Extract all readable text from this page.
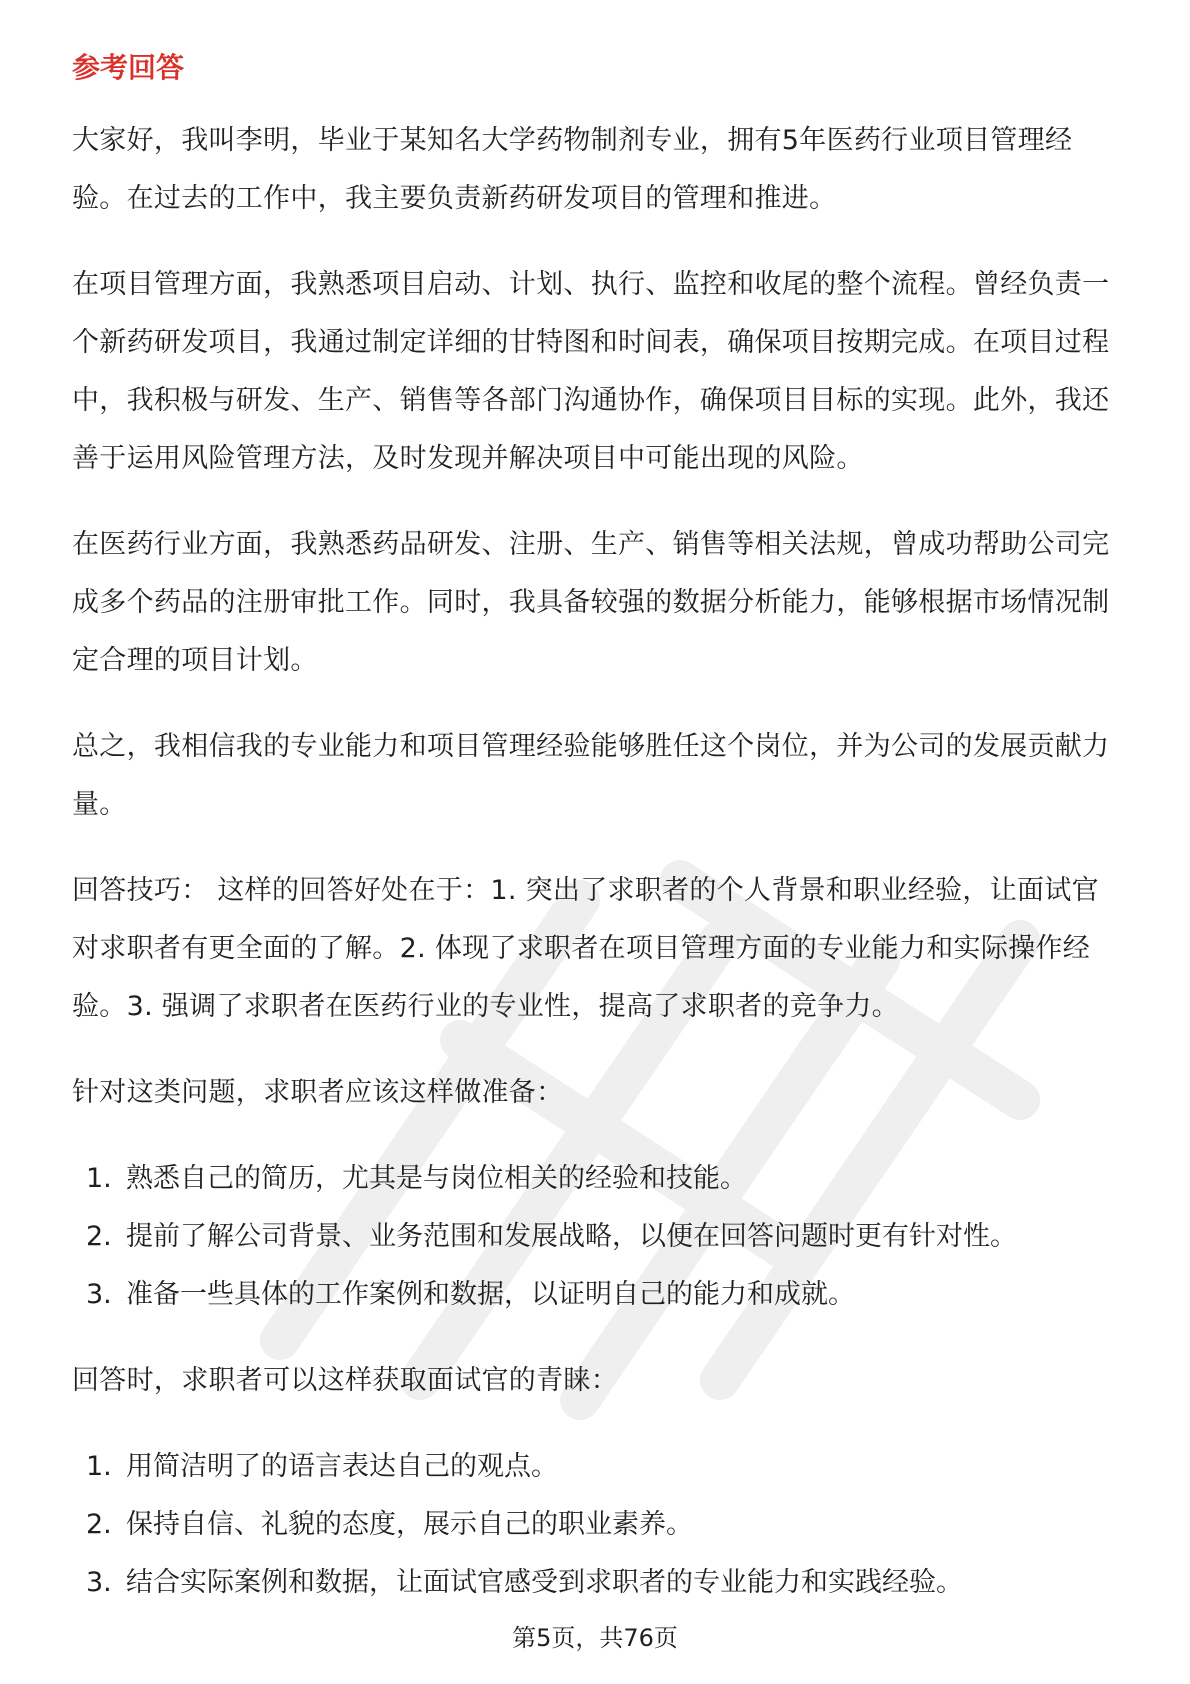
参考回答

大家好，我叫李明，毕业于某知名大学药物制剂专业，拥有5年医药行业项目管理经验。在过去的工作中，我主要负责新药研发项目的管理和推进。

在项目管理方面，我熟悉项目启动、计划、执行、监控和收尾的整个流程。曾经负责一个新药研发项目，我通过制定详细的甘特图和时间表，确保项目按期完成。在项目过程中，我积极与研发、生产、销售等各部门沟通协作，确保项目目标的实现。此外，我还善于运用风险管理方法，及时发现并解决项目中可能出现的风险。

在医药行业方面，我熟悉药品研发、注册、生产、销售等相关法规，曾成功帮助公司完成多个药品的注册审批工作。同时，我具备较强的数据分析能力，能够根据市场情况制定合理的项目计划。

总之，我相信我的专业能力和项目管理经验能够胜任这个岗位，并为公司的发展贡献力量。

回答技巧： 这样的回答好处在于：1. 突出了求职者的个人背景和职业经验，让面试官对求职者有更全面的了解。2. 体现了求职者在项目管理方面的专业能力和实际操作经验。3. 强调了求职者在医药行业的专业性，提高了求职者的竞争力。

针对这类问题，求职者应该这样做准备：

1. 熟悉自己的简历，尤其是与岗位相关的经验和技能。
2. 提前了解公司背景、业务范围和发展战略，以便在回答问题时更有针对性。
3. 准备一些具体的工作案例和数据，以证明自己的能力和成就。

回答时，求职者可以这样获取面试官的青睐：

1. 用简洁明了的语言表达自己的观点。
2. 保持自信、礼貌的态度，展示自己的职业素养。
3. 结合实际案例和数据，让面试官感受到求职者的专业能力和实践经验。
第5页，共76页
